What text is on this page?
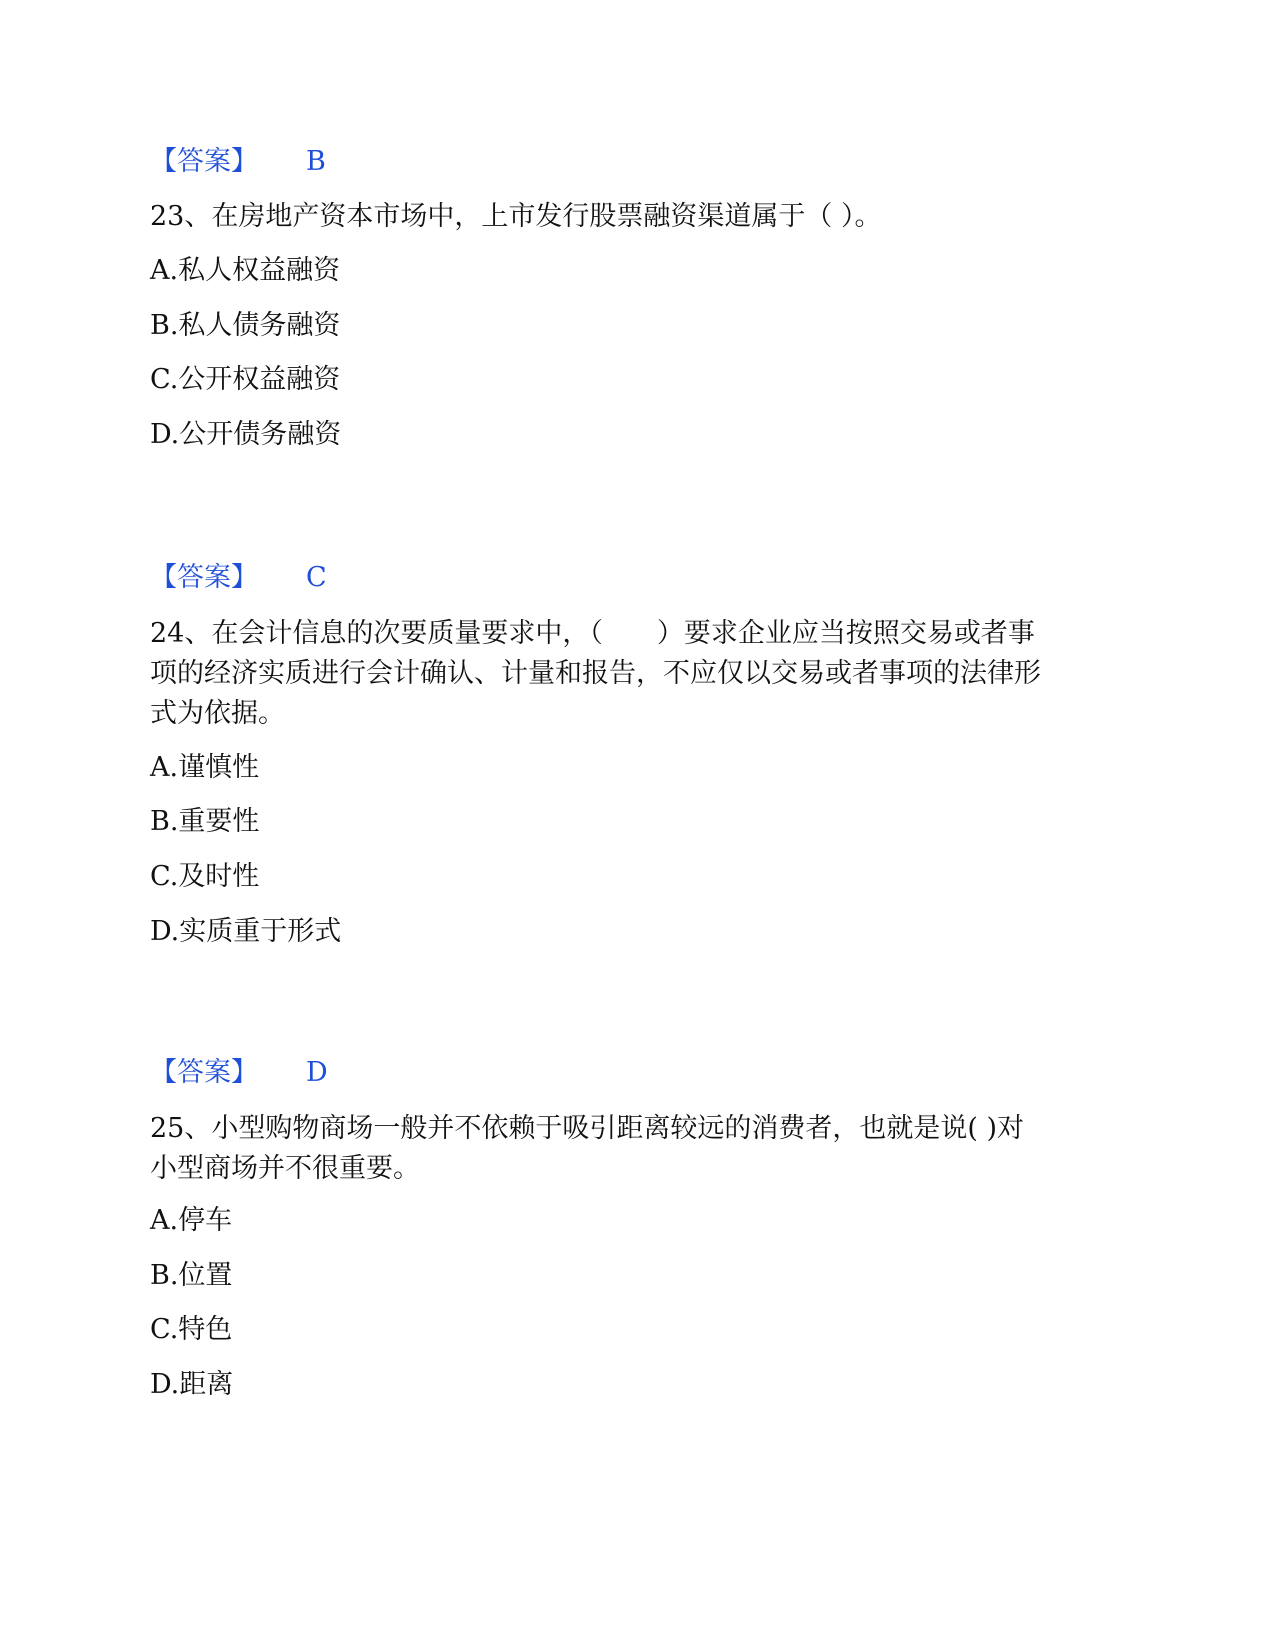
【答案】 B
23、在房地产资本市场中，上市发行股票融资渠道属于（ ）。
A.私人权益融资
B.私人债务融资
C.公开权益融资
D.公开债务融资
【答案】 C
24、在会计信息的次要质量要求中，（　　）要求企业应当按照交易或者事
项的经济实质进行会计确认、计量和报告，不应仅以交易或者事项的法律形
式为依据。
A.谨慎性
B.重要性
C.及时性
D.实质重于形式
【答案】 D
25、小型购物商场一般并不依赖于吸引距离较远的消费者，也就是说( )对
小型商场并不很重要。
A.停车
B.位置
C.特色
D.距离
